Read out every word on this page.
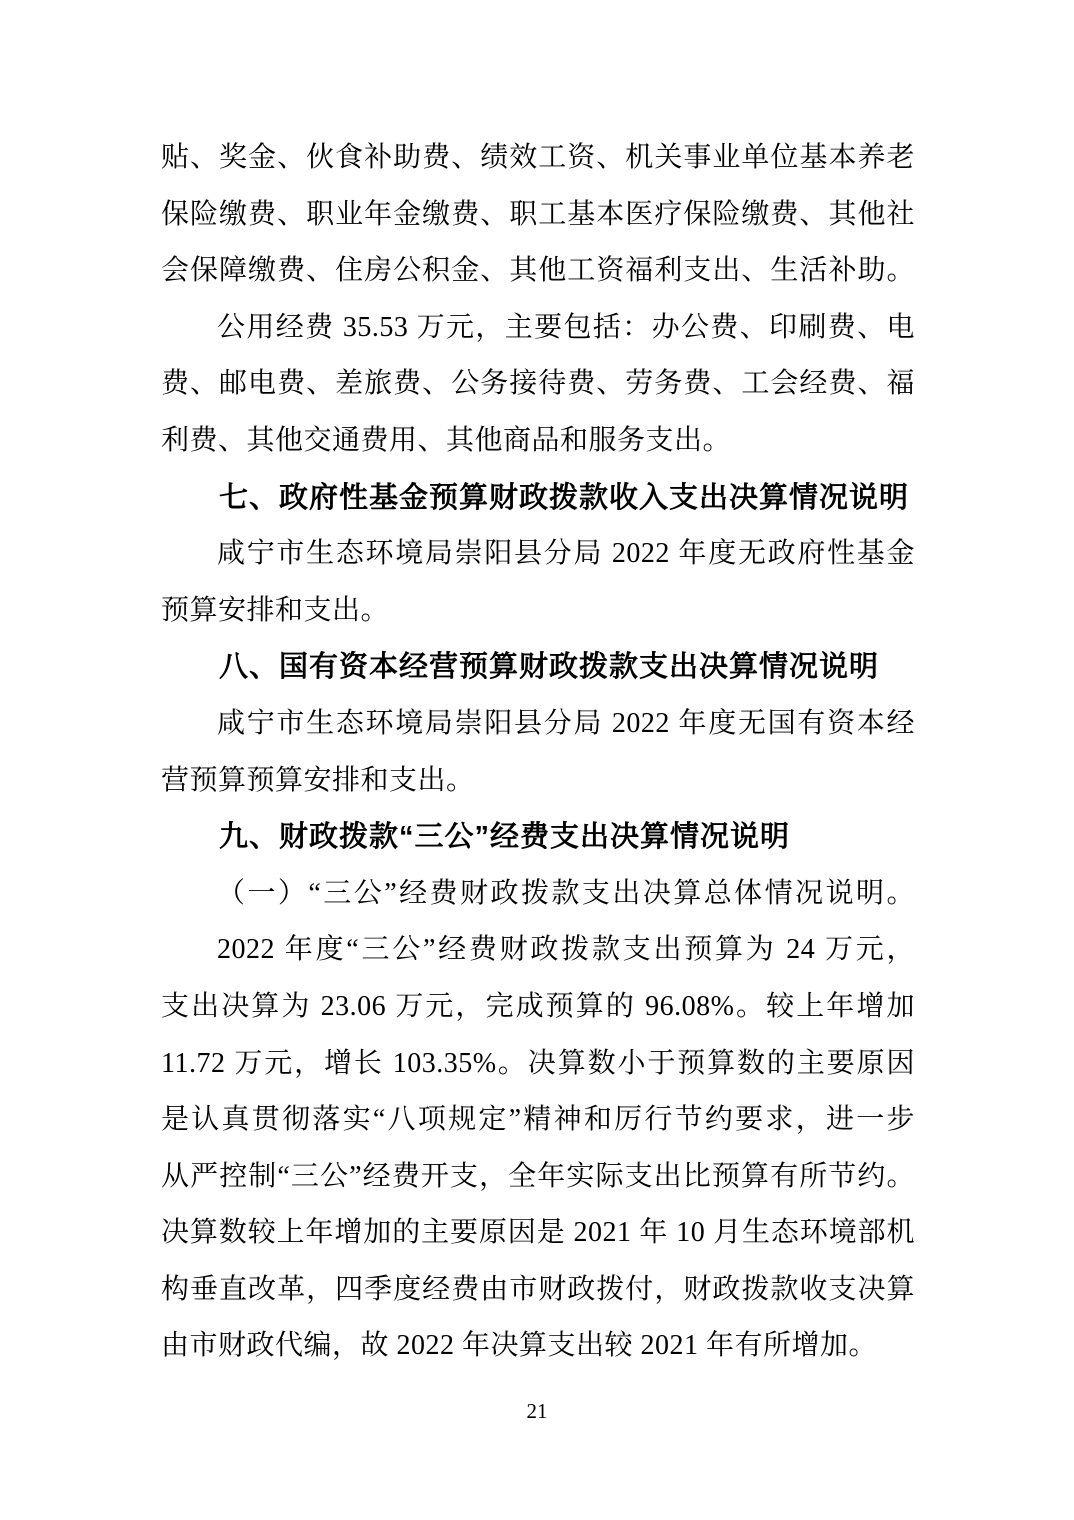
贴、奖金、伙食补助费、绩效工资、机关事业单位基本养老
保险缴费、职业年金缴费、职工基本医疗保险缴费、其他社
会保障缴费、住房公积金、其他工资福利支出、生活补助。
公用经费 35.53 万元，主要包括：办公费、印刷费、电
费、邮电费、差旅费、公务接待费、劳务费、工会经费、福
利费、其他交通费用、其他商品和服务支出。
七、政府性基金预算财政拨款收入支出决算情况说明
咸宁市生态环境局崇阳县分局 2022 年度无政府性基金
预算安排和支出。
八、国有资本经营预算财政拨款支出决算情况说明
咸宁市生态环境局崇阳县分局 2022 年度无国有资本经
营预算预算安排和支出。
九、财政拨款“三公”经费支出决算情况说明
（一）“三公”经费财政拨款支出决算总体情况说明。
2022 年度“三公”经费财政拨款支出预算为 24 万元，
支出决算为 23.06 万元，完成预算的 96.08%。较上年增加
11.72 万元，增长 103.35%。决算数小于预算数的主要原因
是认真贯彻落实“八项规定”精神和厉行节约要求，进一步
从严控制“三公”经费开支，全年实际支出比预算有所节约。
决算数较上年增加的主要原因是 2021 年 10 月生态环境部机
构垂直改革，四季度经费由市财政拨付，财政拨款收支决算
由市财政代编，故 2022 年决算支出较 2021 年有所增加。
21
